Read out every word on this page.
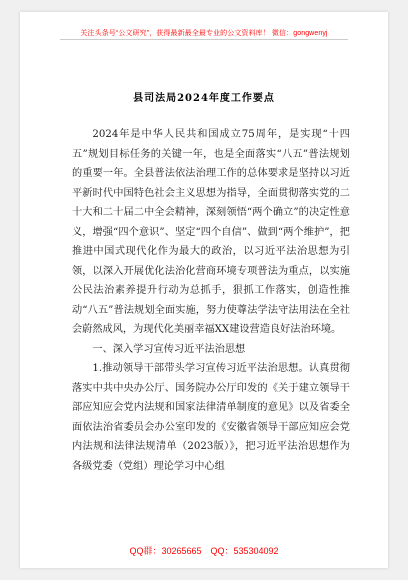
关注头条号“公文研究”，获得最新最全最专业的公文资料库！ 微信：gongwenyj
县司法局2024年度工作要点

2024年是中华人民共和国成立75周年，是实现“十四五”规划目标任务的关键一年，也是全面落实“八五”普法规划的重要一年。全县普法依法治理工作的总体要求是坚持以习近平新时代中国特色社会主义思想为指导，全面贯彻落实党的二十大和二十届二中全会精神，深刻领悟“两个确立”的决定性意义，增强“四个意识”、坚定“四个自信”、做到“两个维护”，把推进中国式现代化作为最大的政治，以习近平法治思想为引领，以深入开展优化法治化营商环境专项普法为重点，以实施公民法治素养提升行动为总抓手，狠抓工作落实，创造性推动“八五”普法规划全面实施，努力使尊法学法守法用法在全社会蔚然成风，为现代化美丽幸福XX建设营造良好法治环境。

一、深入学习宣传习近平法治思想

1.推动领导干部带头学习宣传习近平法治思想。认真贯彻落实中共中央办公厅、国务院办公厅印发的《关于建立领导干部应知应会党内法规和国家法律清单制度的意见》以及省委全面依法治省委员会办公室印发的《安徽省领导干部应知应会党内法规和法律法规清单（2023版）》，把习近平法治思想作为各级党委（党组）理论学习中心组

QQ群：30265665　QQ：535304092
